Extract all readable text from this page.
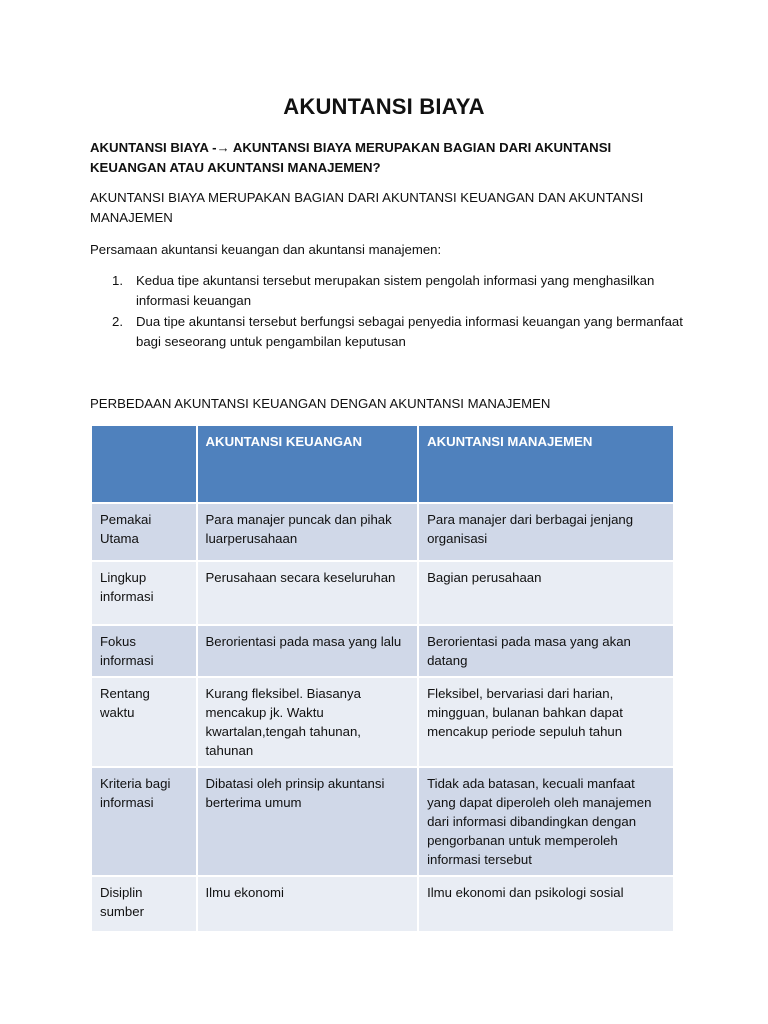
AKUNTANSI BIAYA
AKUNTANSI BIAYA -→ AKUNTANSI BIAYA MERUPAKAN BAGIAN DARI AKUNTANSI KEUANGAN ATAU AKUNTANSI MANAJEMEN?
AKUNTANSI BIAYA MERUPAKAN BAGIAN DARI AKUNTANSI KEUANGAN DAN AKUNTANSI MANAJEMEN
Persamaan akuntansi keuangan dan akuntansi manajemen:
1. Kedua tipe akuntansi tersebut merupakan sistem pengolah informasi yang menghasilkan informasi keuangan
2. Dua tipe akuntansi tersebut berfungsi sebagai penyedia informasi keuangan yang bermanfaat bagi seseorang untuk pengambilan keputusan
PERBEDAAN AKUNTANSI KEUANGAN DENGAN AKUNTANSI MANAJEMEN
	AKUNTANSI KEUANGAN	AKUNTANSI MANAJEMEN
Pemakai Utama	Para manajer puncak dan pihak luarperusahaan	Para manajer dari berbagai jenjang organisasi
Lingkup informasi	Perusahaan secara keseluruhan	Bagian perusahaan
Fokus informasi	Berorientasi pada masa yang lalu	Berorientasi pada masa yang akan datang
Rentang waktu	Kurang fleksibel. Biasanya mencakup jk. Waktu kwartalan,tengah tahunan, tahunan	Fleksibel, bervariasi dari harian, mingguan, bulanan bahkan dapat mencakup periode sepuluh tahun
Kriteria bagi informasi	Dibatasi oleh prinsip akuntansi berterima umum	Tidak ada batasan, kecuali manfaat yang dapat diperoleh oleh manajemen dari informasi dibandingkan dengan pengorbanan untuk memperoleh informasi tersebut
Disiplin sumber	Ilmu ekonomi	Ilmu ekonomi dan psikologi sosial
